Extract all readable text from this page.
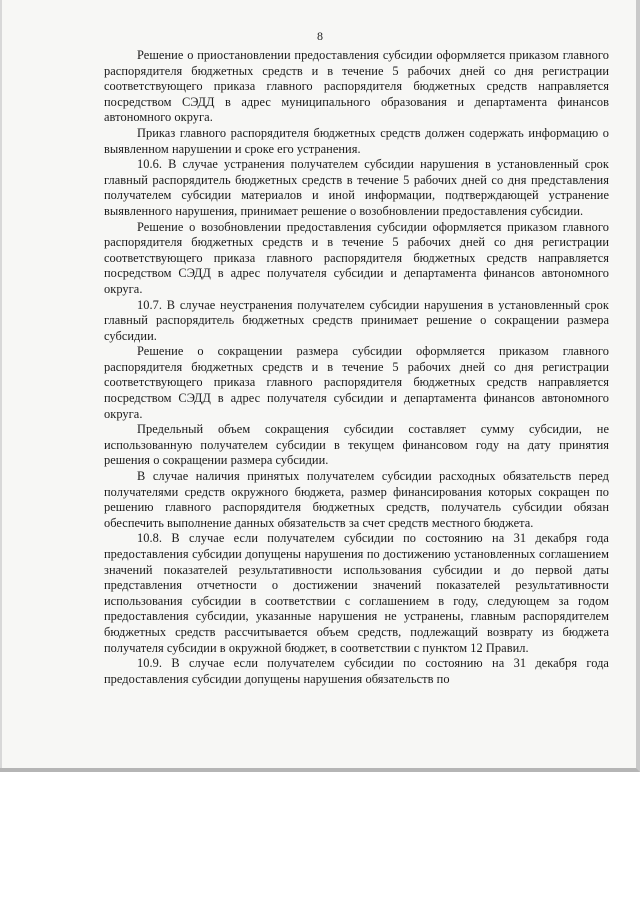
8

Решение о приостановлении предоставления субсидии оформляется приказом главного распорядителя бюджетных средств и в течение 5 рабочих дней со дня регистрации соответствующего приказа главного распорядителя бюджетных средств направляется посредством СЭДД в адрес муниципального образования и департамента финансов автономного округа.

Приказ главного распорядителя бюджетных средств должен содержать информацию о выявленном нарушении и сроке его устранения.

10.6. В случае устранения получателем субсидии нарушения в установленный срок главный распорядитель бюджетных средств в течение 5 рабочих дней со дня представления получателем субсидии материалов и иной информации, подтверждающей устранение выявленного нарушения, принимает решение о возобновлении предоставления субсидии.

Решение о возобновлении предоставления субсидии оформляется приказом главного распорядителя бюджетных средств и в течение 5 рабочих дней со дня регистрации соответствующего приказа главного распорядителя бюджетных средств направляется посредством СЭДД в адрес получателя субсидии и департамента финансов автономного округа.

10.7. В случае неустранения получателем субсидии нарушения в установленный срок главный распорядитель бюджетных средств принимает решение о сокращении размера субсидии.

Решение о сокращении размера субсидии оформляется приказом главного распорядителя бюджетных средств и в течение 5 рабочих дней со дня регистрации соответствующего приказа главного распорядителя бюджетных средств направляется посредством СЭДД в адрес получателя субсидии и департамента финансов автономного округа.

Предельный объем сокращения субсидии составляет сумму субсидии, не использованную получателем субсидии в текущем финансовом году на дату принятия решения о сокращении размера субсидии.

В случае наличия принятых получателем субсидии расходных обязательств перед получателями средств окружного бюджета, размер финансирования которых сокращен по решению главного распорядителя бюджетных средств, получатель субсидии обязан обеспечить выполнение данных обязательств за счет средств местного бюджета.

10.8. В случае если получателем субсидии по состоянию на 31 декабря года предоставления субсидии допущены нарушения по достижению установленных соглашением значений показателей результативности использования субсидии и до первой даты представления отчетности о достижении значений показателей результативности использования субсидии в соответствии с соглашением в году, следующем за годом предоставления субсидии, указанные нарушения не устранены, главным распорядителем бюджетных средств рассчитывается объем средств, подлежащий возврату из бюджета получателя субсидии в окружной бюджет, в соответствии с пунктом 12 Правил.

10.9. В случае если получателем субсидии по состоянию на 31 декабря года предоставления субсидии допущены нарушения обязательств по
